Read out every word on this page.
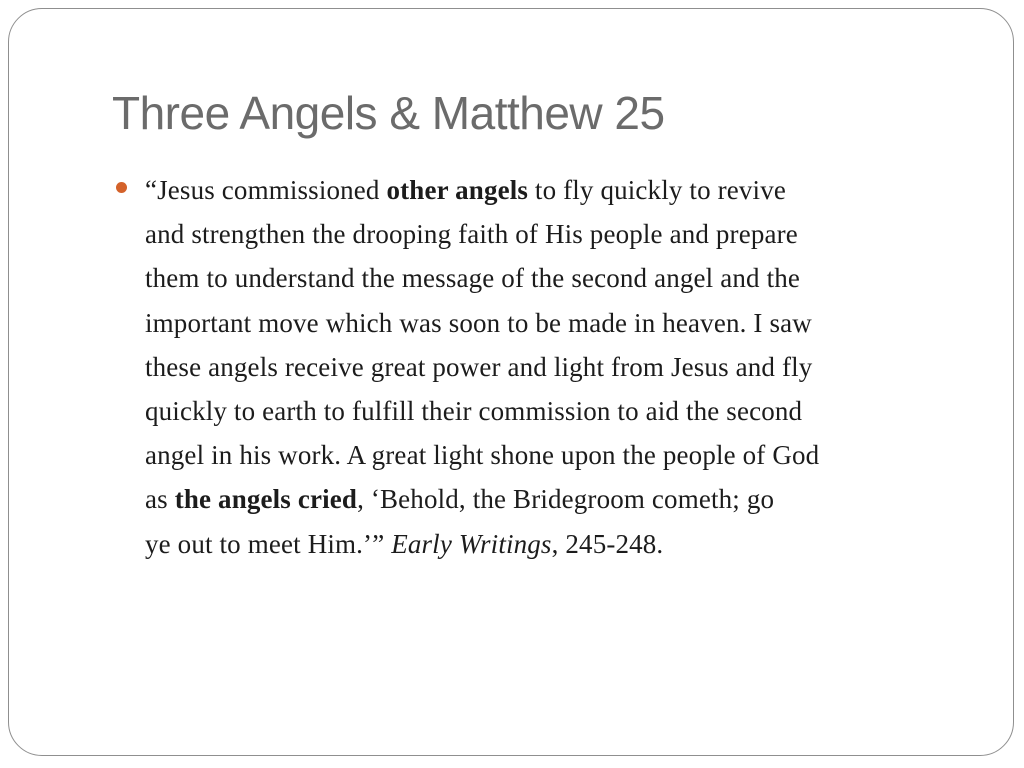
Three Angels & Matthew 25

“Jesus commissioned other angels to fly quickly to revive
and strengthen the drooping faith of His people and prepare
them to understand the message of the second angel and the
important move which was soon to be made in heaven. I saw
these angels receive great power and light from Jesus and fly
quickly to earth to fulfill their commission to aid the second
angel in his work. A great light shone upon the people of God
as the angels cried, ‘Behold, the Bridegroom cometh; go
ye out to meet Him.’” Early Writings, 245-248.
